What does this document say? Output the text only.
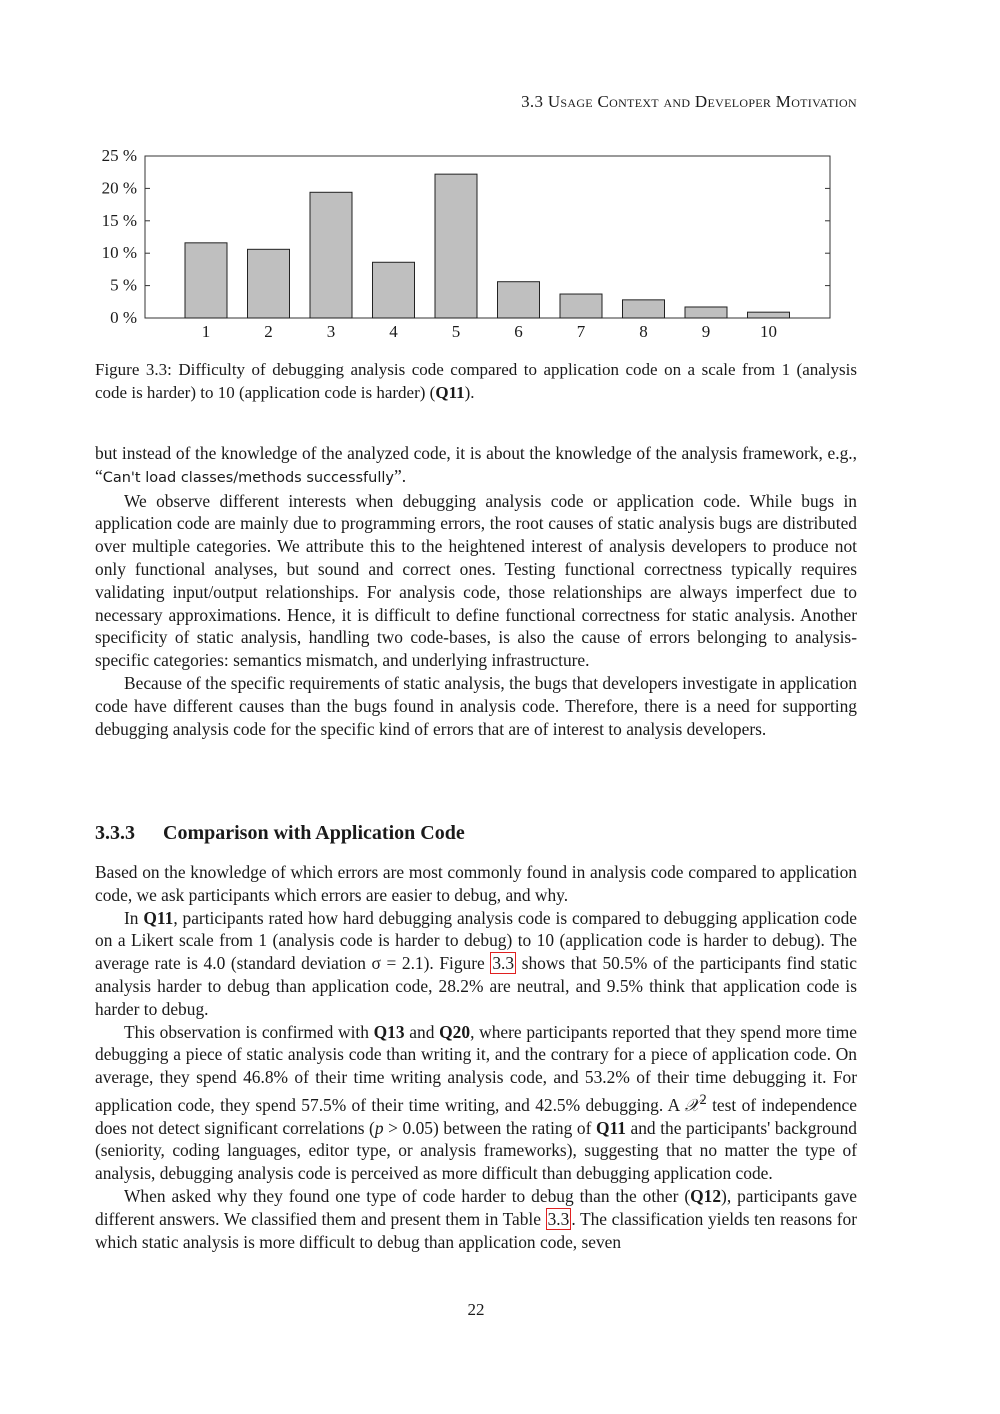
3.3 Usage Context and Developer Motivation
0 %
5 %
10 %
15 %
20 %
25 %
1	2	3	4	5	6	7	8	9	10
Figure 3.3: Difficulty of debugging analysis code compared to application code on a scale from 1 (analysis code is harder) to 10 (application code is harder) (Q11).

but instead of the knowledge of the analyzed code, it is about the knowledge of the analysis framework, e.g., “Can't load classes/methods successfully”.

We observe different interests when debugging analysis code or application code. While bugs in application code are mainly due to programming errors, the root causes of static analysis bugs are distributed over multiple categories. We attribute this to the heightened interest of analysis developers to produce not only functional analyses, but sound and correct ones. Testing functional correctness typically requires validating input/output relationships. For analysis code, those relationships are always imperfect due to necessary approximations. Hence, it is difficult to define functional correctness for static analysis. Another specificity of static analysis, handling two code-bases, is also the cause of errors belonging to analysis-specific categories: semantics mismatch, and underlying infrastructure.

Because of the specific requirements of static analysis, the bugs that developers investigate in application code have different causes than the bugs found in analysis code. Therefore, there is a need for supporting debugging analysis code for the specific kind of errors that are of interest to analysis developers.

3.3.3 Comparison with Application Code

Based on the knowledge of which errors are most commonly found in analysis code compared to application code, we ask participants which errors are easier to debug, and why.

In Q11, participants rated how hard debugging analysis code is compared to debugging application code on a Likert scale from 1 (analysis code is harder to debug) to 10 (application code is harder to debug). The average rate is 4.0 (standard deviation σ = 2.1). Figure 3.3 shows that 50.5% of the participants find static analysis harder to debug than application code, 28.2% are neutral, and 9.5% think that application code is harder to debug.

This observation is confirmed with Q13 and Q20, where participants reported that they spend more time debugging a piece of static analysis code than writing it, and the contrary for a piece of application code. On average, they spend 46.8% of their time writing analysis code, and 53.2% of their time debugging it. For application code, they spend 57.5% of their time writing, and 42.5% debugging. A 𝒳$^2$ test of independence does not detect significant correlations (p > 0.05) between the rating of Q11 and the participants' background (seniority, coding languages, editor type, or analysis frameworks), suggesting that no matter the type of analysis, debugging analysis code is perceived as more difficult than debugging application code.

When asked why they found one type of code harder to debug than the other (Q12), participants gave different answers. We classified them and present them in Table 3.3 . The classification yields ten reasons for which static analysis is more difficult to debug than application code, seven

22
